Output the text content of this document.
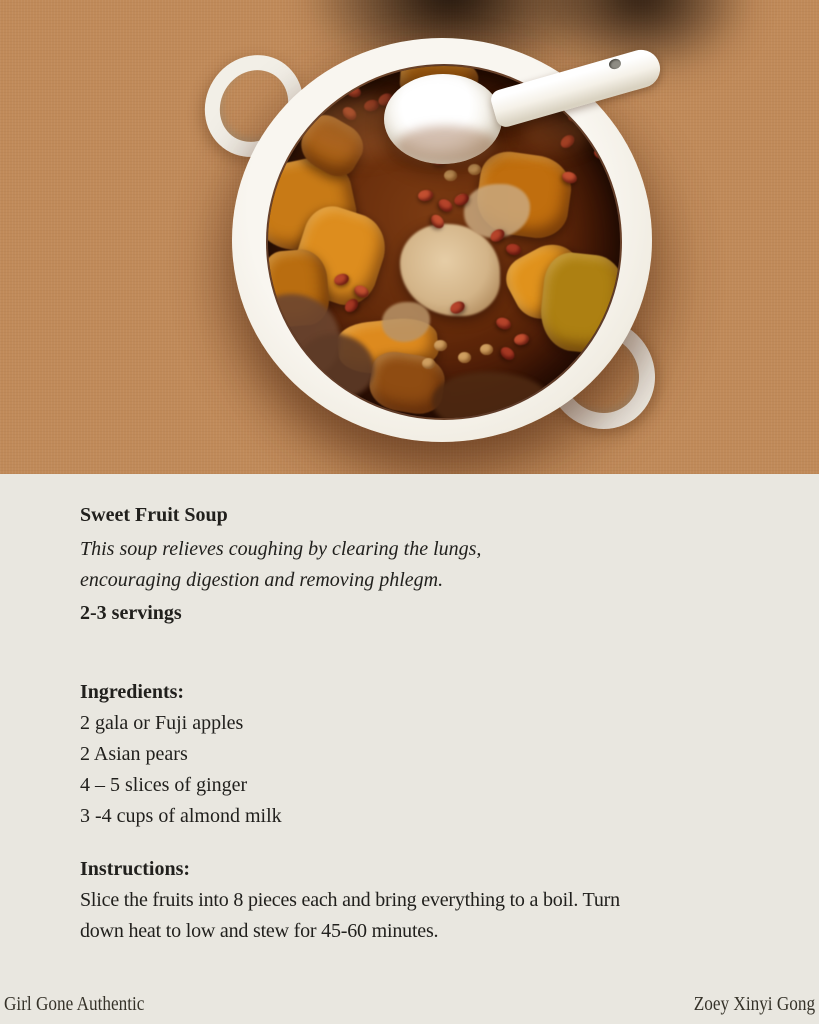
Sweet Fruit Soup
This soup relieves coughing by clearing the lungs,
encouraging digestion and removing phlegm.
2-3 servings
Ingredients:
2 gala or Fuji apples
2 Asian pears
4 – 5 slices of ginger
3 -4 cups of almond milk
Instructions:
Slice the fruits into 8 pieces each and bring everything to a boil. Turn
down heat to low and stew for 45-60 minutes.
Girl Gone Authentic	Zoey Xinyi Gong
